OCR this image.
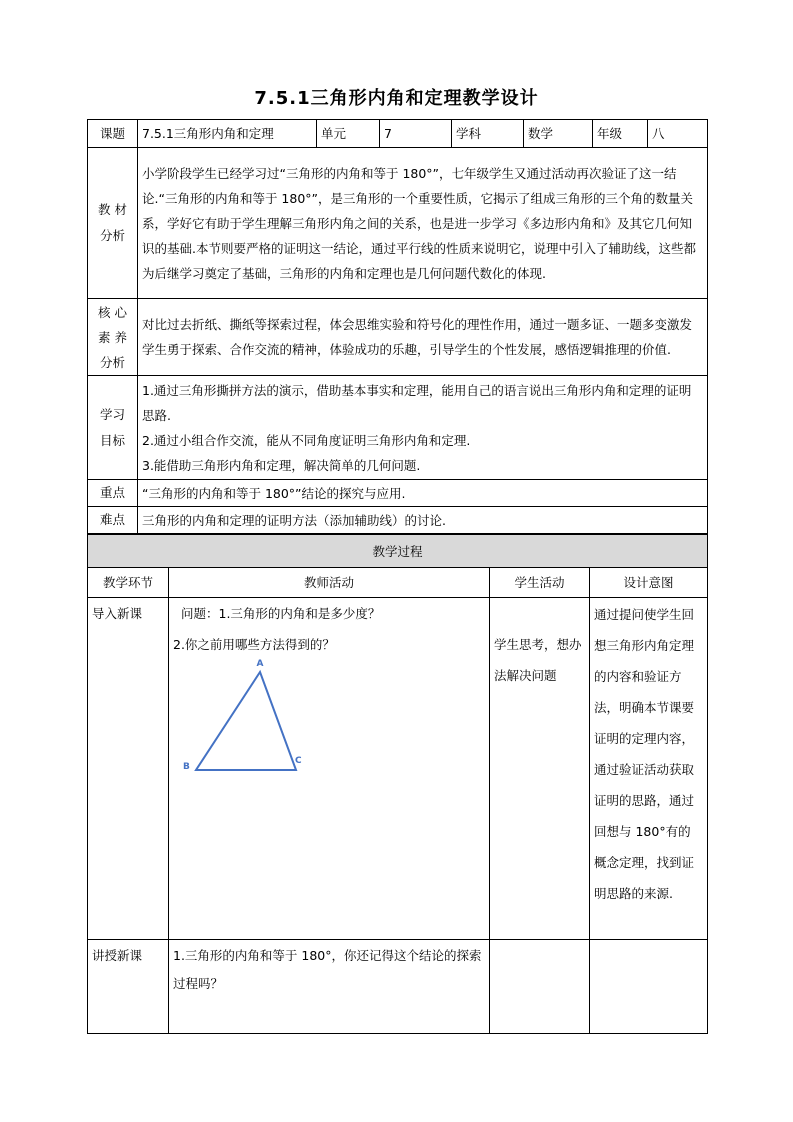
7.5.1三角形内角和定理教学设计
课题	7.5.1三角形内角和定理	单元	7	学科	数学	年级	八

教 材
分析	小学阶段学生已经学习过“三角形的内角和等于 180°”，七年级学生又通过活动再次验证了这一结论.“三角形的内角和等于 180°”，是三角形的一个重要性质，它揭示了组成三角形的三个角的数量关系，学好它有助于学生理解三角形内角之间的关系，也是进一步学习《多边形内角和》及其它几何知识的基础.本节则要严格的证明这一结论，通过平行线的性质来说明它，说理中引入了辅助线，这些都为后继学习奠定了基础，三角形的内角和定理也是几何问题代数化的体现.						

核 心
素 养
分析	对比过去折纸、撕纸等探索过程，体会思维实验和符号化的理性作用，通过一题多证、一题多变激发学生勇于探索、合作交流的精神，体验成功的乐趣，引导学生的个性发展，感悟逻辑推理的价值.						

学习
目标	1.通过三角形撕拼方法的演示，借助基本事实和定理，能用自己的语言说出三角形内角和定理的证明思路.
2.通过小组合作交流，能从不同角度证明三角形内角和定理.
3.能借助三角形内角和定理，解决简单的几何问题.						

重点	“三角形的内角和等于 180°”结论的探究与应用.						
难点	三角形的内角和定理的证明方法（添加辅助线）的讨论.						
教学过程			
教学环节	教师活动	学生活动	设计意图
导入新课	问题：1.三角形的内角和是多少度？
2.你之前用哪些方法得到的？
A
B
C	学生思考，想办法解决问题	通过提问使学生回想三角形内角定理的内容和验证方法，明确本节课要证明的定理内容，通过验证活动获取证明的思路，通过回想与 180°有的概念定理，找到证明思路的来源.
讲授新课	1.三角形的内角和等于 180°，你还记得这个结论的探索过程吗？		
